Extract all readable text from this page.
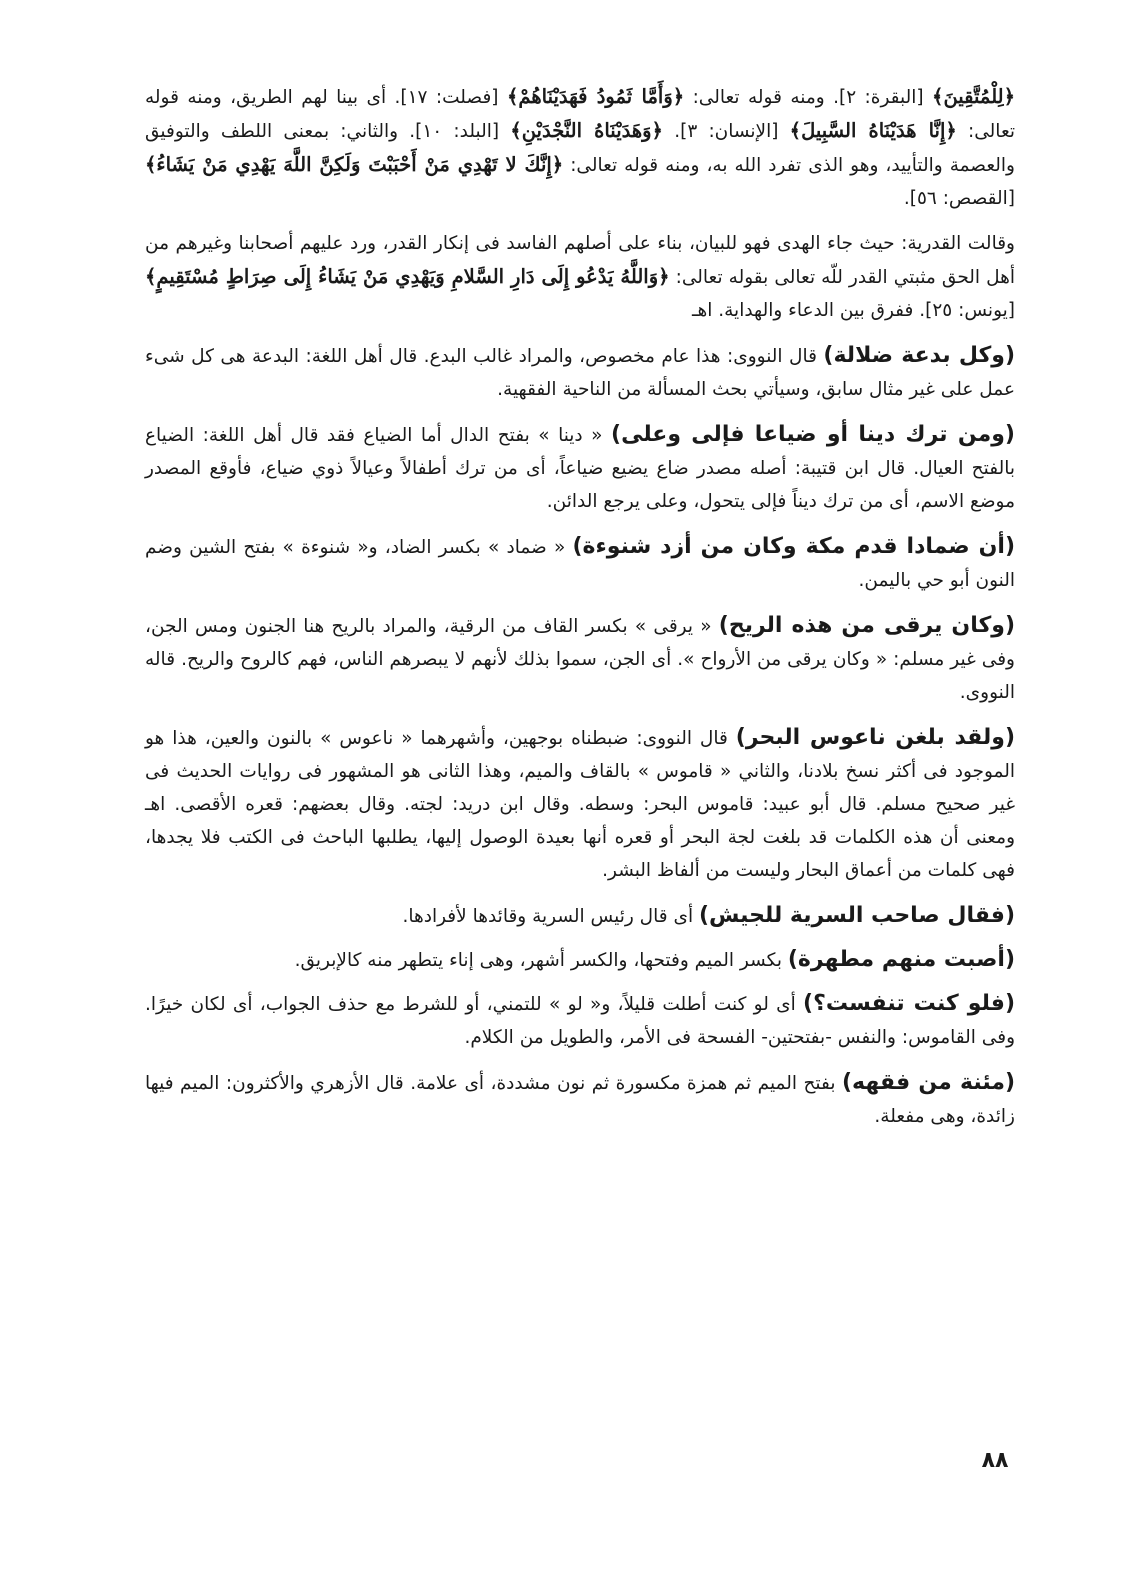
﴿لِلْمُتَّقِينَ﴾ [البقرة: ٢]. ومنه قوله تعالى: ﴿وَأَمَّا ثَمُودُ فَهَدَيْنَاهُمْ﴾ [فصلت: ١٧]. أى بينا لهم الطريق، ومنه قوله تعالى: ﴿إِنَّا هَدَيْنَاهُ السَّبِيلَ﴾ [الإنسان: ٣]. ﴿وَهَدَيْنَاهُ النَّجْدَيْنِ﴾ [البلد: ١٠]. والثاني: بمعنى اللطف والتوفيق والعصمة والتأييد، وهو الذى تفرد الله به، ومنه قوله تعالى: ﴿إِنَّكَ لا تَهْدِي مَنْ أَحْبَبْتَ وَلَكِنَّ اللَّهَ يَهْدِي مَنْ يَشَاءُ﴾ [القصص: ٥٦].

وقالت القدرية: حيث جاء الهدى فهو للبيان، بناء على أصلهم الفاسد فى إنكار القدر، ورد عليهم أصحابنا وغيرهم من أهل الحق مثبتي القدر للّه تعالى بقوله تعالى: ﴿وَاللَّهُ يَدْعُو إِلَى دَارِ السَّلامِ وَيَهْدِي مَنْ يَشَاءُ إِلَى صِرَاطٍ مُسْتَقِيمٍ﴾ [يونس: ٢٥]. ففرق بين الدعاء والهداية. اهـ

(وكل بدعة ضلالة) قال النووى: هذا عام مخصوص، والمراد غالب البدع. قال أهل اللغة: البدعة هى كل شىء عمل على غير مثال سابق، وسيأتي بحث المسألة من الناحية الفقهية.

(ومن ترك دينا أو ضياعا فإلى وعلى) « دينا » بفتح الدال أما الضياع فقد قال أهل اللغة: الضياع بالفتح العيال. قال ابن قتيبة: أصله مصدر ضاع يضيع ضياعاً، أى من ترك أطفالاً وعيالاً ذوي ضياع، فأوقع المصدر موضع الاسم، أى من ترك ديناً فإلى يتحول، وعلى يرجع الدائن.

(أن ضمادا قدم مكة وكان من أزد شنوءة) « ضماد » بكسر الضاد، و« شنوءة » بفتح الشين وضم النون أبو حي باليمن.

(وكان يرقى من هذه الريح) « يرقى » بكسر القاف من الرقية، والمراد بالريح هنا الجنون ومس الجن، وفى غير مسلم: « وكان يرقى من الأرواح ». أى الجن، سموا بذلك لأنهم لا يبصرهم الناس، فهم كالروح والريح. قاله النووى.

(ولقد بلغن ناعوس البحر) قال النووى: ضبطناه بوجهين، وأشهرهما « ناعوس » بالنون والعين، هذا هو الموجود فى أكثر نسخ بلادنا، والثاني « قاموس » بالقاف والميم، وهذا الثانى هو المشهور فى روايات الحديث فى غير صحيح مسلم. قال أبو عبيد: قاموس البحر: وسطه. وقال ابن دريد: لجته. وقال بعضهم: قعره الأقصى. اهـ ومعنى أن هذه الكلمات قد بلغت لجة البحر أو قعره أنها بعيدة الوصول إليها، يطلبها الباحث فى الكتب فلا يجدها، فهى كلمات من أعماق البحار وليست من ألفاظ البشر.

(فقال صاحب السرية للجيش) أى قال رئيس السرية وقائدها لأفرادها.

(أصبت منهم مطهرة) بكسر الميم وفتحها، والكسر أشهر، وهى إناء يتطهر منه كالإبريق.

(فلو كنت تنفست؟) أى لو كنت أطلت قليلاً، و« لو » للتمني، أو للشرط مع حذف الجواب، أى لكان خيرًا. وفى القاموس: والنفس -بفتحتين- الفسحة فى الأمر، والطويل من الكلام.

(مئنة من فقهه) بفتح الميم ثم همزة مكسورة ثم نون مشددة، أى علامة. قال الأزهري والأكثرون: الميم فيها زائدة، وهى مفعلة.

٨٨
